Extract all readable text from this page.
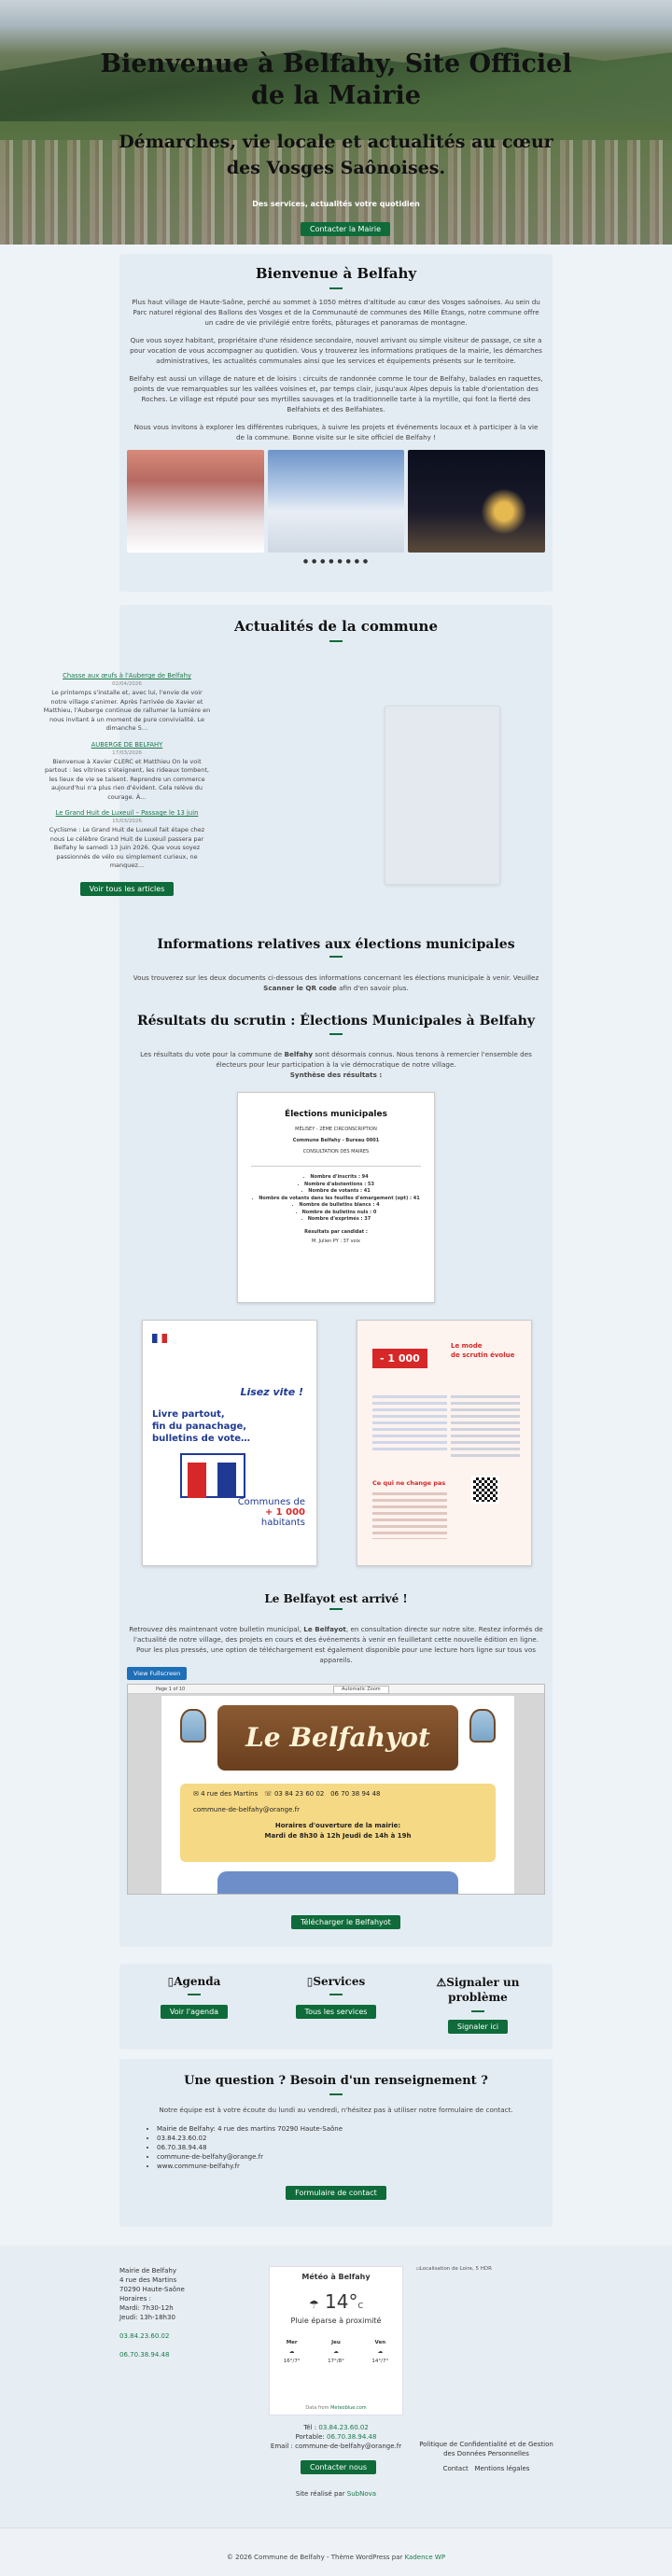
Bienvenue à Belfahy, Site Officiel de la Mairie
Démarches, vie locale et actualités au cœur des Vosges Saônoises.
Des services, actualités votre quotidien
Contacter la Mairie
Bienvenue à Belfahy

Plus haut village de Haute-Saône, perché au sommet à 1050 mètres d'altitude au cœur des Vosges saônoises. Au sein du Parc naturel régional des Ballons des Vosges et de la Communauté de communes des Mille Étangs, notre commune offre un cadre de vie privilégié entre forêts, pâturages et panoramas de montagne.

Que vous soyez habitant, propriétaire d'une résidence secondaire, nouvel arrivant ou simple visiteur de passage, ce site a pour vocation de vous accompagner au quotidien. Vous y trouverez les informations pratiques de la mairie, les démarches administratives, les actualités communales ainsi que les services et équipements présents sur le territoire.

Belfahy est aussi un village de nature et de loisirs : circuits de randonnée comme le tour de Belfahy, balades en raquettes, points de vue remarquables sur les vallées voisines et, par temps clair, jusqu'aux Alpes depuis la table d'orientation des Roches. Le village est réputé pour ses myrtilles sauvages et la traditionnelle tarte à la myrtille, qui font la fierté des Belfahiots et des Belfahiates.

Nous vous invitons à explorer les différentes rubriques, à suivre les projets et événements locaux et à participer à la vie de la commune. Bonne visite sur le site officiel de Belfahy !

● ● ● ● ● ● ● ●
Actualités de la commune
Chasse aux œufs à l'Auberge de Belfahy
02/04/2026
Le printemps s'installe et, avec lui, l'envie de voir notre village s'animer. Après l'arrivée de Xavier et Matthieu, l'Auberge continue de rallumer la lumière en nous invitant à un moment de pure convivialité. Le dimanche 5…
AUBERGE DE BELFAHY
17/03/2026
Bienvenue à Xavier CLERC et Matthieu On le voit partout : les vitrines s'éteignent, les rideaux tombent, les lieux de vie se taisent. Reprendre un commerce aujourd'hui n'a plus rien d'évident. Cela relève du courage. À…
Le Grand Huit de Luxeuil – Passage le 13 juin
15/03/2026
Cyclisme : Le Grand Huit de Luxeuil fait étape chez nous Le célèbre Grand Huit de Luxeuil passera par Belfahy le samedi 13 juin 2026. Que vous soyez passionnés de vélo ou simplement curieux, ne manquez…
Voir tous les articles
Informations relatives aux élections municipales

Vous trouverez sur les deux documents ci-dessous des informations concernant les élections municipale à venir. Veuillez Scanner le QR code afin d'en savoir plus.

Résultats du scrutin : Élections Municipales à Belfahy

Les résultats du vote pour la commune de Belfahy sont désormais connus. Nous tenons à remercier l'ensemble des électeurs pour leur participation à la vie démocratique de notre village.
Synthèse des résultats :

Élections municipales
MÉLISEY - 2ÈME CIRCONSCRIPTION
Commune Belfahy - Bureau 0001
CONSULTATION DES MAIRES
• Nombre d'inscrits : 94
• Nombre d'abstentions : 53
• Nombre de votants : 41
• Nombre de votants dans les feuilles d'émargement (opt) : 41
• Nombre de bulletins blancs : 4
• Nombre de bulletins nuls : 0
• Nombre d'exprimés : 37
Résultats par candidat :
M. Julien PY : 37 voix
Lisez vite !
Livre partout,
fin du panachage,
bulletins de vote…
Communes de
+ 1 000
habitants
- 1 000
Le mode
de scrutin évolue
Ce qui ne change pas
Le Belfayot est arrivé !

Retrouvez dès maintenant votre bulletin municipal, Le Belfayot, en consultation directe sur notre site. Restez informés de l'actualité de notre village, des projets en cours et des événements à venir en feuilletant cette nouvelle édition en ligne. Pour les plus pressés, une option de téléchargement est également disponible pour une lecture hors ligne sur tous vos appareils.

View Fullscreen
Page 1 of 10	Automatic Zoom
Le Belfahyot
✉ 4 rue des Martins ☏ 03 84 23 60 02 06 70 38 94 48
commune-de-belfahy@orange.fr
Horaires d'ouverture de la mairie:
Mardi de 8h30 à 12h Jeudi de 14h à 19h
Télécharger le Belfahyot
▯Agenda
Voir l'agenda
▯Services
Tous les services
⚠Signaler un problème
Signaler ici
Une question ? Besoin d'un renseignement ?

Notre équipe est à votre écoute du lundi au vendredi, n'hésitez pas à utiliser notre formulaire de contact.

• Mairie de Belfahy: 4 rue des martins 70290 Haute-Saône
• 03.84.23.60.02
• 06.70.38.94.48
• commune-de-belfahy@orange.fr
• www.commune-belfahy.fr
Formulaire de contact
Mairie de Belfahy
4 rue des Martins
70290 Haute-Saône
Horaires :
Mardi: 7h30-12h
Jeudi: 13h-18h30
03.84.23.60.02
06.70.38.94.48
Météo à Belfahy
☂ 14°C
Pluie éparse à proximité
Mer
☁
16°/7°
Jeu
☁
17°/8°
Ven
☁
14°/7°
Data from Meteoblue.com
▫Localisation de Loire, 5 HDR
Tél : 03.84.23.60.02
Portable: 06.70.38.94.48
Email : commune-de-belfahy@orange.fr
Contacter nous
Site réalisé par SubNova
Politique de Confidentialité et de Gestion des Données Personnelles
Contact Mentions légales
© 2026 Commune de Belfahy - Thème WordPress par Kadence WP
